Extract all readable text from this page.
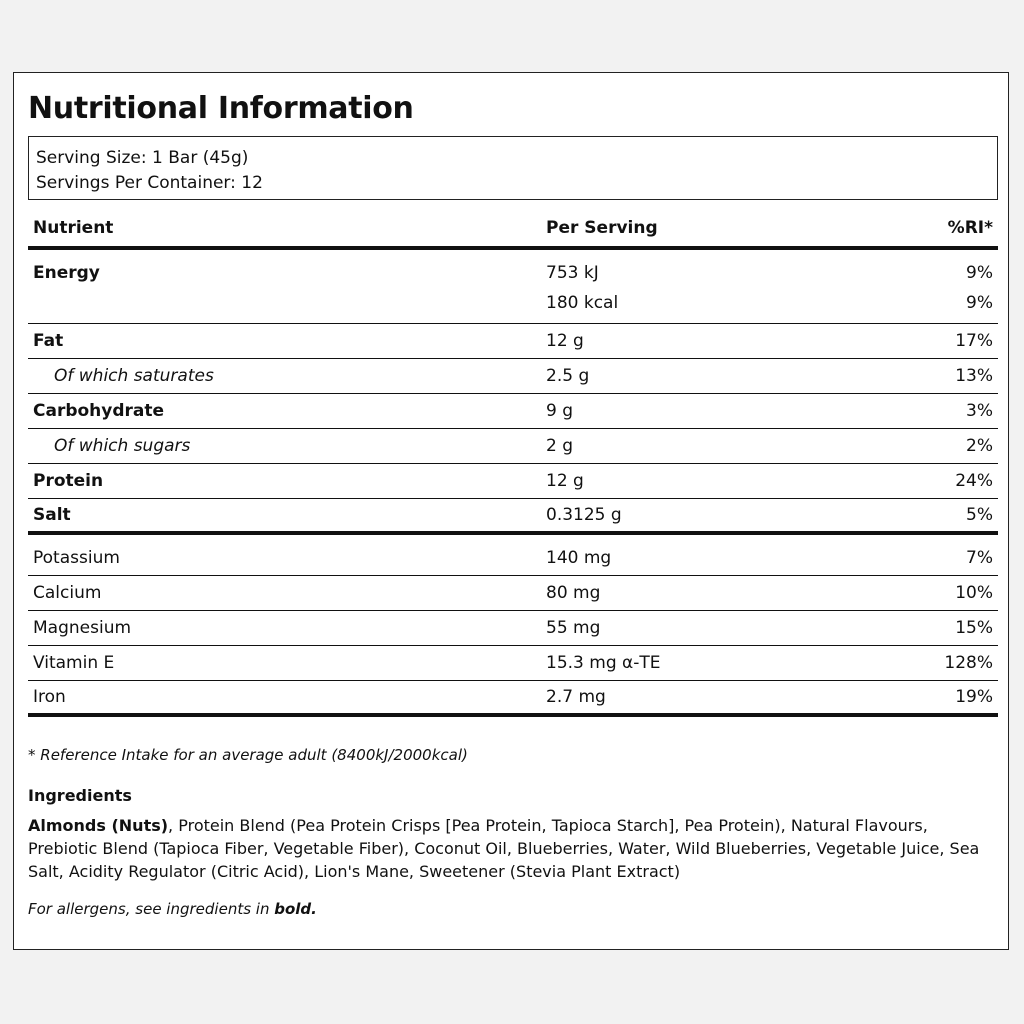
Nutritional Information
Serving Size: 1 Bar (45g)
Servings Per Container: 12
Nutrient	Per Serving	%RI*
Energy	753 kJ	9%
	180 kcal	9%
Fat	12 g	17%
Of which saturates	2.5 g	13%
Carbohydrate	9 g	3%
Of which sugars	2 g	2%
Protein	12 g	24%
Salt	0.3125 g	5%
Potassium	140 mg	7%
Calcium	80 mg	10%
Magnesium	55 mg	15%
Vitamin E	15.3 mg α-TE	128%
Iron	2.7 mg	19%
* Reference Intake for an average adult (8400kJ/2000kcal)
Ingredients
Almonds (Nuts), Protein Blend (Pea Protein Crisps [Pea Protein, Tapioca Starch], Pea Protein), Natural Flavours, Prebiotic Blend (Tapioca Fiber, Vegetable Fiber), Coconut Oil, Blueberries, Water, Wild Blueberries, Vegetable Juice, Sea Salt, Acidity Regulator (Citric Acid), Lion's Mane, Sweetener (Stevia Plant Extract)
For allergens, see ingredients in bold.
